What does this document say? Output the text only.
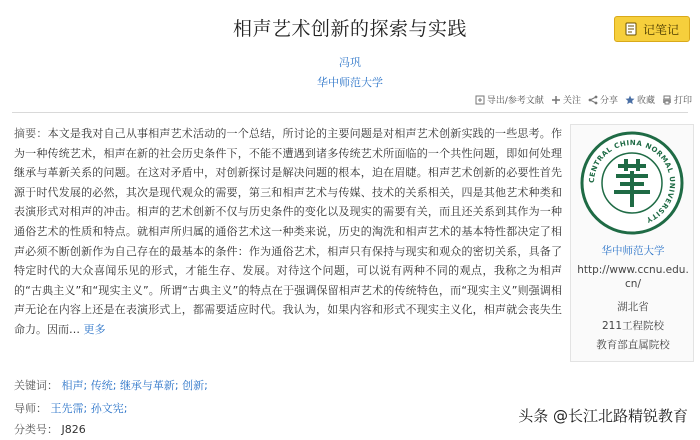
相声艺术创新的探索与实践	记笔记
冯巩
华中师范大学
导出/参考文献 关注 分享 收藏 打印
摘要：本文是我对自己从事相声艺术活动的一个总结，所讨论的主要问题是对相声艺术创新实践的一些思考。作为一种传统艺术，相声在新的社会历史条件下，不能不遭遇到诸多传统艺术所面临的一个共性问题，即如何处理继承与革新关系的问题。在这对矛盾中，对创新探讨是解决问题的根本，迫在眉睫。相声艺术创新的必要性首先源于时代发展的必然，其次是现代观众的需要，第三和相声艺术与传媒、技术的关系相关，四是其他艺术种类和表演形式对相声的冲击。相声的艺术创新不仅与历史条件的变化以及现实的需要有关，而且还关系到其作为一种通俗艺术的性质和特点。就相声所归属的通俗艺术这一种类来说，历史的淘洗和相声艺术的基本特性都决定了相声必须不断创新作为自己存在的最基本的条件：作为通俗艺术，相声只有保持与现实和观众的密切关系，具备了特定时代的大众喜闻乐见的形式，才能生存、发展。对待这个问题，可以说有两种不同的观点，我称之为相声的“古典主义”和“现实主义”。所谓“古典主义”的特点在于强调保留相声艺术的传统特色，而“现实主义”则强调相声无论在内容上还是在表演形式上，都需要适应时代。我认为，如果内容和形式不现实主义化，相声就会丧失生命力。因而… 更多
关键词： 相声; 传统; 继承与革新; 创新;
导师： 王先霈; 孙文宪;
分类号： J826
CENTRAL CHINA NORMAL UNIVERSITY
华中师范大学
http://www.ccnu.edu.cn/
湖北省
211工程院校
教育部直属院校
头条 @长江北路精锐教育
